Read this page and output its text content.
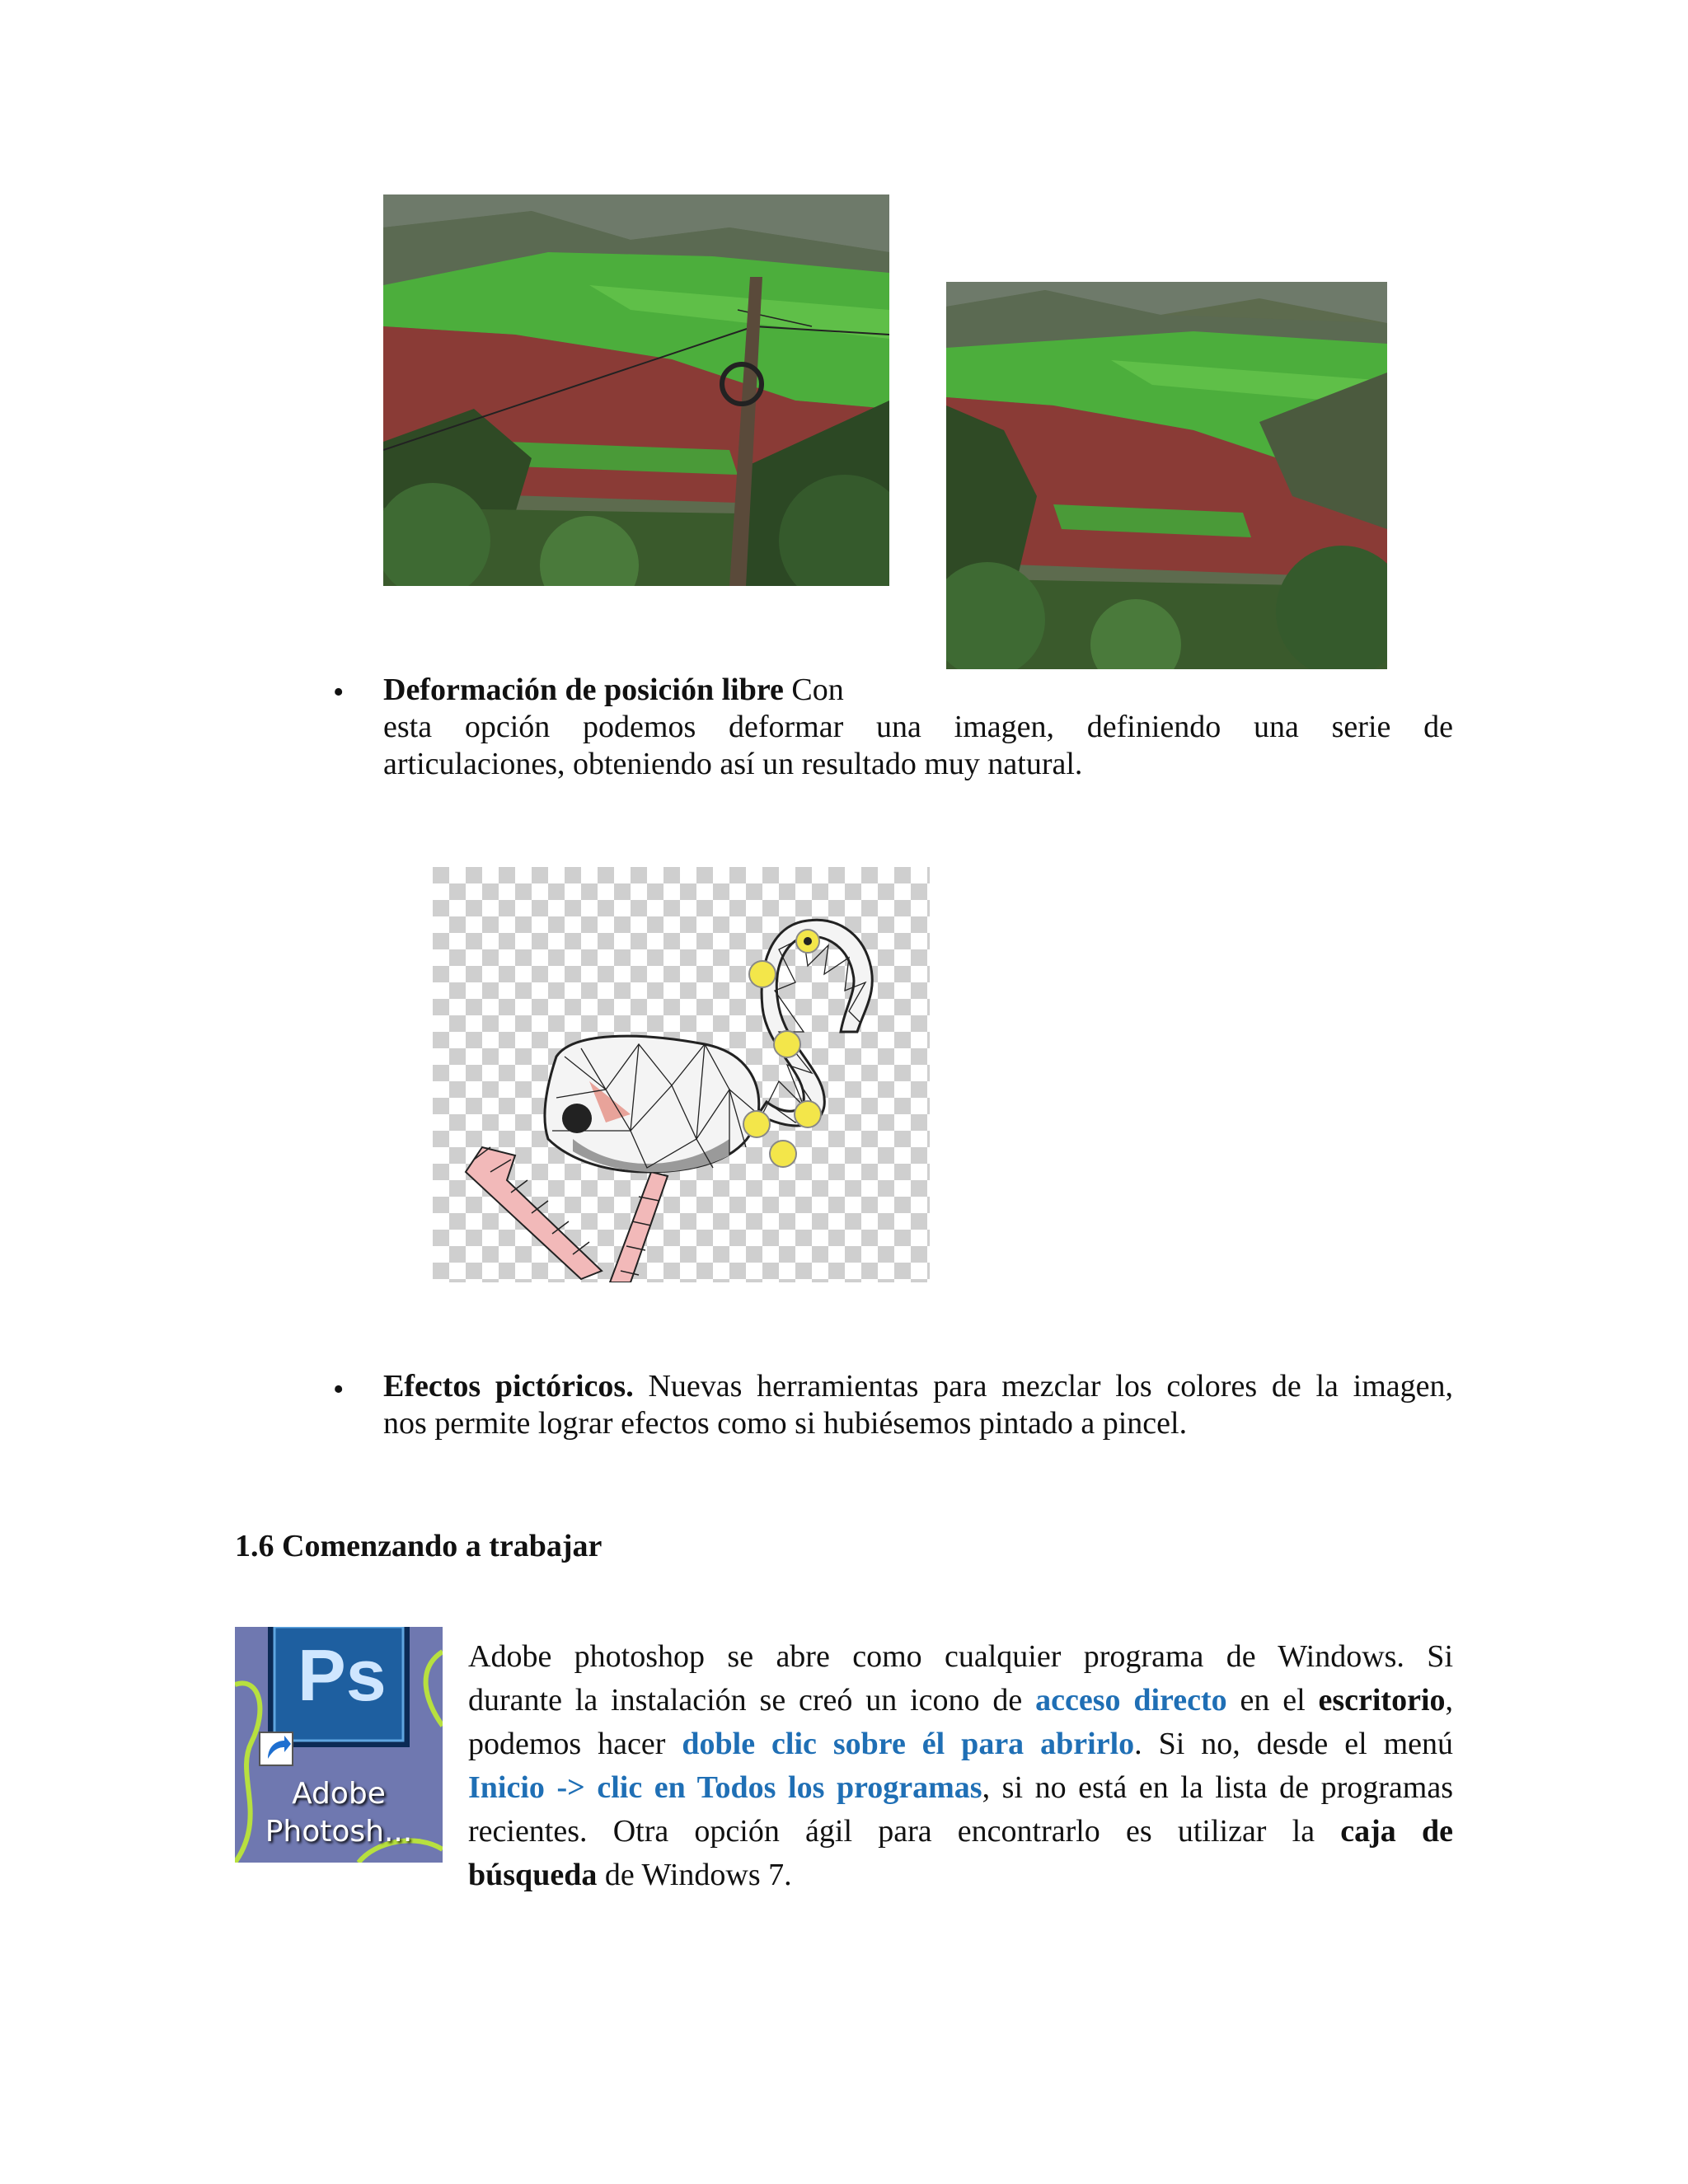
• Deformación de posición libre Con
esta opción podemos deformar una imagen, definiendo una serie de
articulaciones, obteniendo así un resultado muy natural.
• Efectos pictóricos. Nuevas herramientas para mezclar los colores de la imagen,
nos permite lograr efectos como si hubiésemos pintado a pincel.
1.6 Comenzando a trabajar
Ps
Adobe
Photosh...
Adobe photoshop se abre como cualquier programa de Windows. Si
durante la instalación se creó un icono de acceso directo en el escritorio,
podemos hacer doble clic sobre él para abrirlo. Si no, desde el menú
Inicio -> clic en Todos los programas, si no está en la lista de programas
recientes. Otra opción ágil para encontrarlo es utilizar la caja de
búsqueda de Windows 7.
